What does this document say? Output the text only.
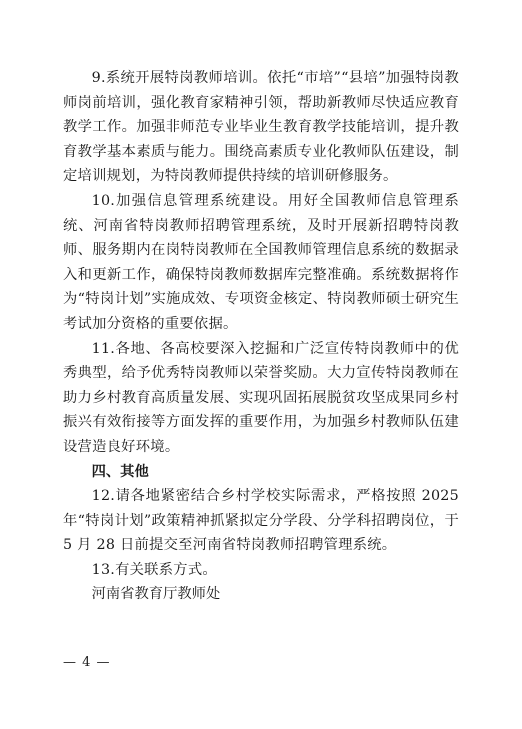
9.系统开展特岗教师培训。依托“市培”“县培”加强特岗教师岗前培训，强化教育家精神引领，帮助新教师尽快适应教育教学工作。加强非师范专业毕业生教育教学技能培训，提升教育教学基本素质与能力。围绕高素质专业化教师队伍建设，制定培训规划，为特岗教师提供持续的培训研修服务。

10.加强信息管理系统建设。用好全国教师信息管理系统、河南省特岗教师招聘管理系统，及时开展新招聘特岗教师、服务期内在岗特岗教师在全国教师管理信息系统的数据录入和更新工作，确保特岗教师数据库完整准确。系统数据将作为“特岗计划”实施成效、专项资金核定、特岗教师硕士研究生考试加分资格的重要依据。

11.各地、各高校要深入挖掘和广泛宣传特岗教师中的优秀典型，给予优秀特岗教师以荣誉奖励。大力宣传特岗教师在助力乡村教育高质量发展、实现巩固拓展脱贫攻坚成果同乡村振兴有效衔接等方面发挥的重要作用，为加强乡村教师队伍建设营造良好环境。

四、其他

12.请各地紧密结合乡村学校实际需求，严格按照 2025 年“特岗计划”政策精神抓紧拟定分学段、分学科招聘岗位，于 5 月 28 日前提交至河南省特岗教师招聘管理系统。

13.有关联系方式。

河南省教育厅教师处

— 4 —
